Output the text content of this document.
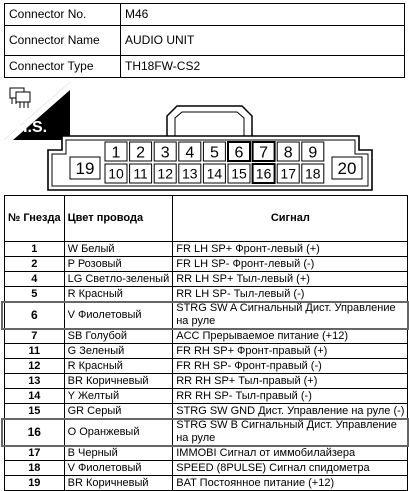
Connector No.	M46
Connector Name	AUDIO UNIT
Connector Type	TH18FW-CS2
H.S.
1 2 3 4 5 6 7 8 9
10 11 12 13 14 15 16 17 18
19	20
№ Гнезда	Цвет провода	Сигнал
1	W Белый	FR LH SP+ Фронт-левый (+)
2	P Розовый	FR LH SP- Фронт-левый (-)
4	LG Светло-зеленый	RR LH SP+ Тыл-левый (+)
5	R Красный	RR LH SP- Тыл-левый (-)
6	V Фиолетовый	STRG SW A Сигнальный Дист. Управление на руле
7	SB Голубой	ACC Прерываемое питание (+12)
11	G Зеленый	FR RH SP+ Фронт-правый (+)
12	R Красный	FR RH SP- Фронт-правый (-)
13	BR Коричневый	RR RH SP+ Тыл-правый (+)
14	Y Желтый	RR RH SP- Тыл-правый (-)
15	GR Серый	STRG SW GND Дист. Управление на руле (-)
16	O Оранжевый	STRG SW B Сигнальный Дист. Управление на руле
17	B Черный	IMMOBI Сигнал от иммобилайзера
18	V Фиолетовый	SPEED (8PULSE) Сигнал спидометра
19	BR Коричневый	BAT Постоянное питание (+12)
